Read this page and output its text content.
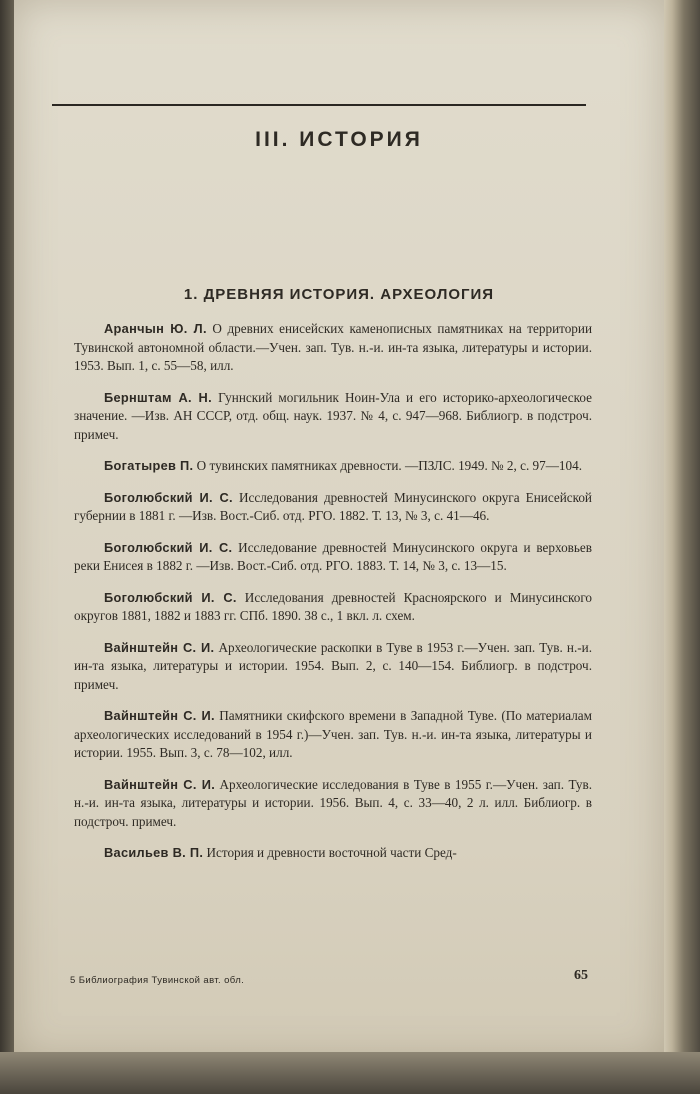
III. ИСТОРИЯ
1. ДРЕВНЯЯ ИСТОРИЯ. АРХЕОЛОГИЯ

Аранчын Ю. Л. О древних енисейских каменописных памятниках на территории Тувинской автономной области.—Учен. зап. Тув. н.-и. ин-та языка, литературы и истории. 1953. Вып. 1, с. 55—58, илл.

Бернштам А. Н. Гуннский могильник Ноин-Ула и его историко-археологическое значение. —Изв. АН СССР, отд. общ. наук. 1937. № 4, с. 947—968. Библиогр. в подстроч. примеч.

Богатырев П. О тувинских памятниках древности. —ПЗЛС. 1949. № 2, с. 97—104.

Боголюбский И. С. Исследования древностей Минусинского округа Енисейской губернии в 1881 г. —Изв. Вост.-Сиб. отд. РГО. 1882. Т. 13, № 3, с. 41—46.

Боголюбский И. С. Исследование древностей Минусинского округа и верховьев реки Енисея в 1882 г. —Изв. Вост.-Сиб. отд. РГО. 1883. Т. 14, № 3, с. 13—15.

Боголюбский И. С. Исследования древностей Красноярского и Минусинского округов 1881, 1882 и 1883 гг. СПб. 1890. 38 с., 1 вкл. л. схем.

Вайнштейн С. И. Археологические раскопки в Туве в 1953 г.—Учен. зап. Тув. н.-и. ин-та языка, литературы и истории. 1954. Вып. 2, с. 140—154. Библиогр. в подстроч. примеч.

Вайнштейн С. И. Памятники скифского времени в Западной Туве. (По материалам археологических исследований в 1954 г.)—Учен. зап. Тув. н.-и. ин-та языка, литературы и истории. 1955. Вып. 3, с. 78—102, илл.

Вайнштейн С. И. Археологические исследования в Туве в 1955 г.—Учен. зап. Тув. н.-и. ин-та языка, литературы и истории. 1956. Вып. 4, с. 33—40, 2 л. илл. Библиогр. в подстроч. примеч.

Васильев В. П. История и древности восточной части Сред-

5 Библиография Тувинской авт. обл.	65
